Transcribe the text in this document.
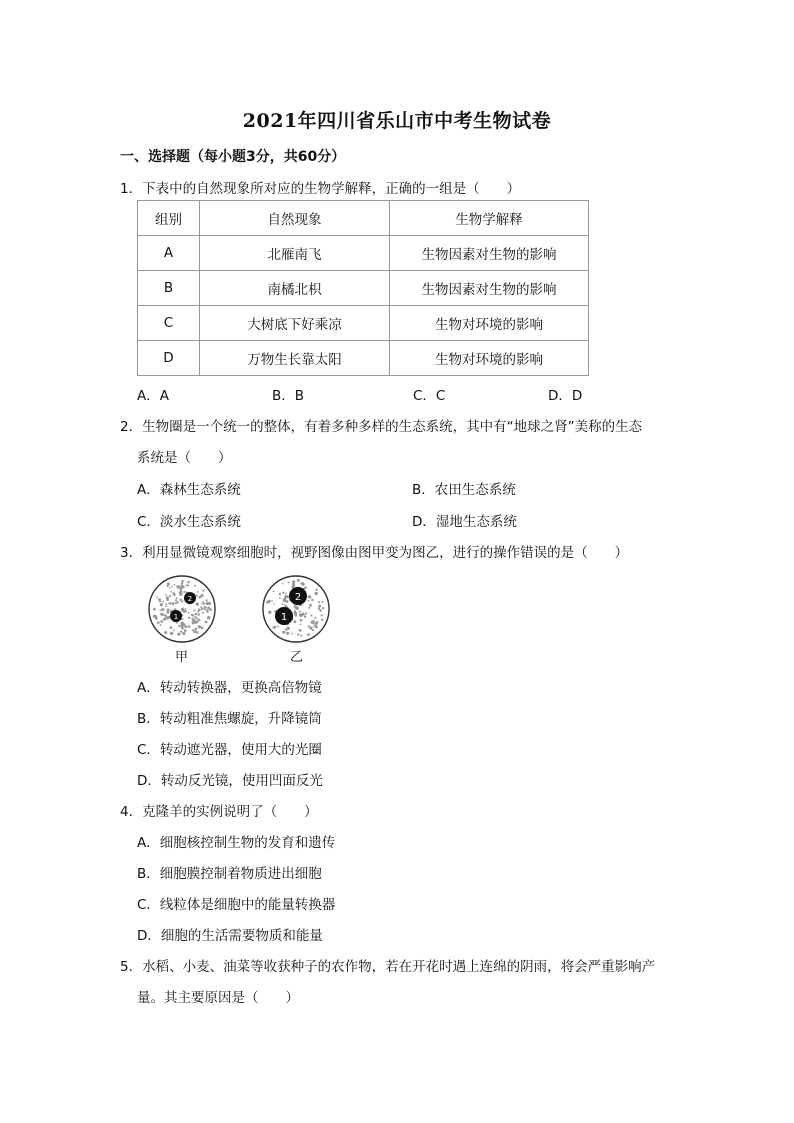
2021年四川省乐山市中考生物试卷
一、选择题（每小题3分，共60分）
1．下表中的自然现象所对应的生物学解释，正确的一组是（　　）
组别	自然现象	生物学解释
A	北雁南飞	生物因素对生物的影响
B	南橘北枳	生物因素对生物的影响
C	大树底下好乘凉	生物对环境的影响
D	万物生长靠太阳	生物对环境的影响
A．A	B．B	C．C	D．D
2．生物圈是一个统一的整体，有着多种多样的生态系统，其中有“地球之肾”美称的生态
系统是（　　）
A．森林生态系统	B．农田生态系统
C．淡水生态系统	D．湿地生态系统
3．利用显微镜观察细胞时，视野图像由图甲变为图乙，进行的操作错误的是（　　）
2
1
甲
2
1
乙
A．转动转换器，更换高倍物镜
B．转动粗准焦螺旋，升降镜筒
C．转动遮光器，使用大的光圈
D．转动反光镜，使用凹面反光
4．克隆羊的实例说明了（　　）
A．细胞核控制生物的发育和遗传
B．细胞膜控制着物质进出细胞
C．线粒体是细胞中的能量转换器
D．细胞的生活需要物质和能量
5．水稻、小麦、油菜等收获种子的农作物，若在开花时遇上连绵的阴雨，将会严重影响产
量。其主要原因是（　　）
